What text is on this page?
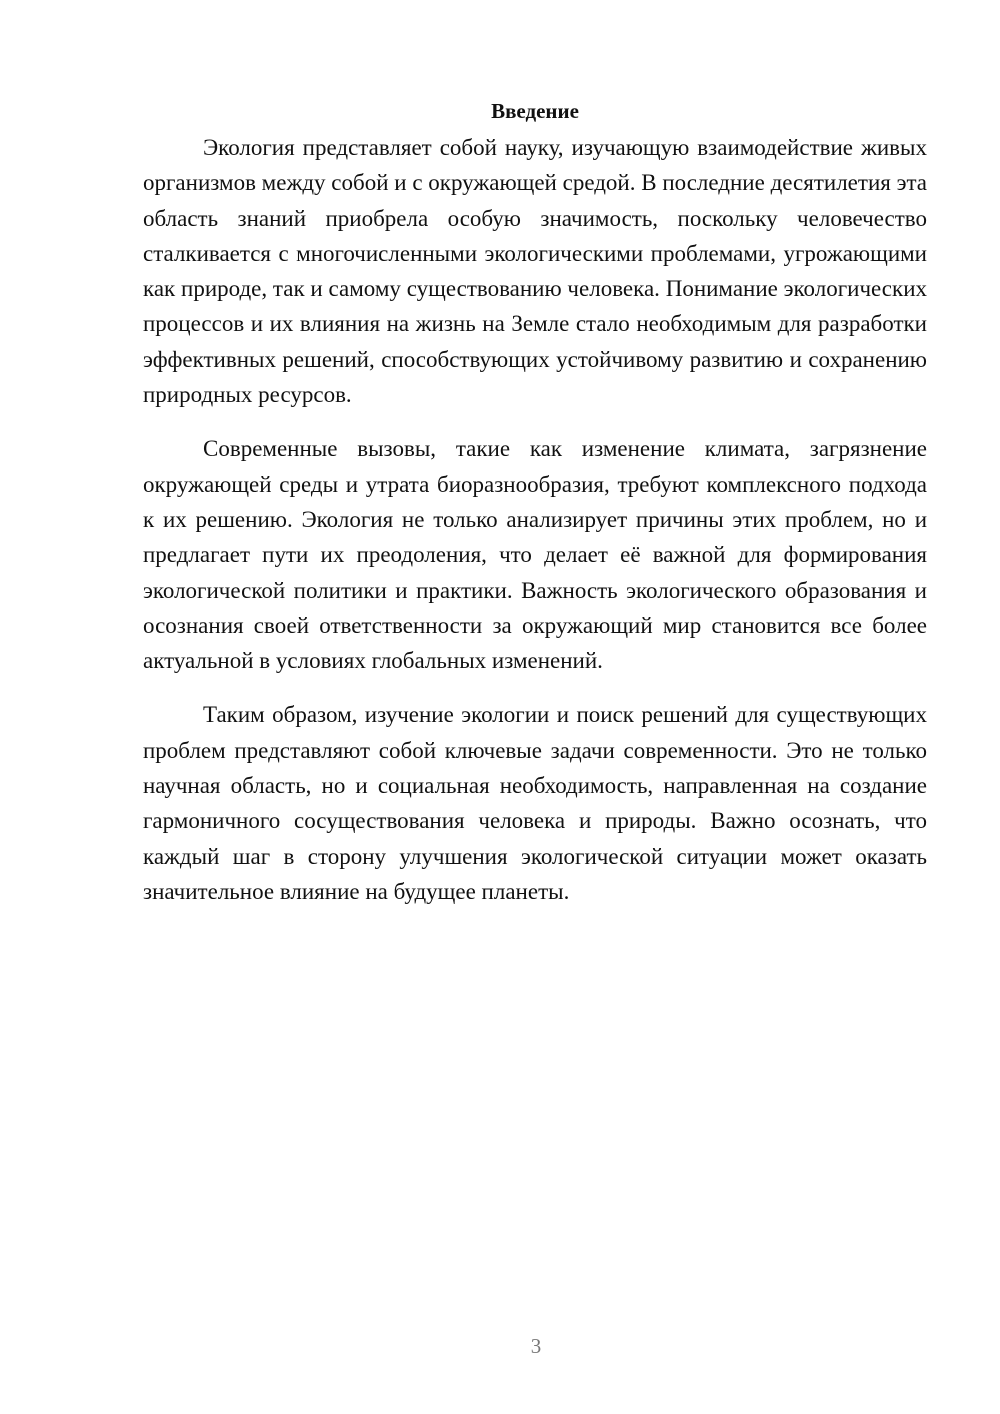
Введение

Экология представляет собой науку, изучающую взаимодействие живых организмов между собой и с окружающей средой. В последние десятилетия эта область знаний приобрела особую значимость, поскольку человечество сталкивается с многочисленными экологическими проблемами, угрожающими как природе, так и самому существованию человека. Понимание экологических процессов и их влияния на жизнь на Земле стало необходимым для разработки эффективных решений, способствующих устойчивому развитию и сохранению природных ресурсов.

Современные вызовы, такие как изменение климата, загрязнение окружающей среды и утрата биоразнообразия, требуют комплексного подхода к их решению. Экология не только анализирует причины этих проблем, но и предлагает пути их преодоления, что делает её важной для формирования экологической политики и практики. Важность экологического образования и осознания своей ответственности за окружающий мир становится все более актуальной в условиях глобальных изменений.

Таким образом, изучение экологии и поиск решений для существующих проблем представляют собой ключевые задачи современности. Это не только научная область, но и социальная необходимость, направленная на создание гармоничного сосуществования человека и природы. Важно осознать, что каждый шаг в сторону улучшения экологической ситуации может оказать значительное влияние на будущее планеты.

3
